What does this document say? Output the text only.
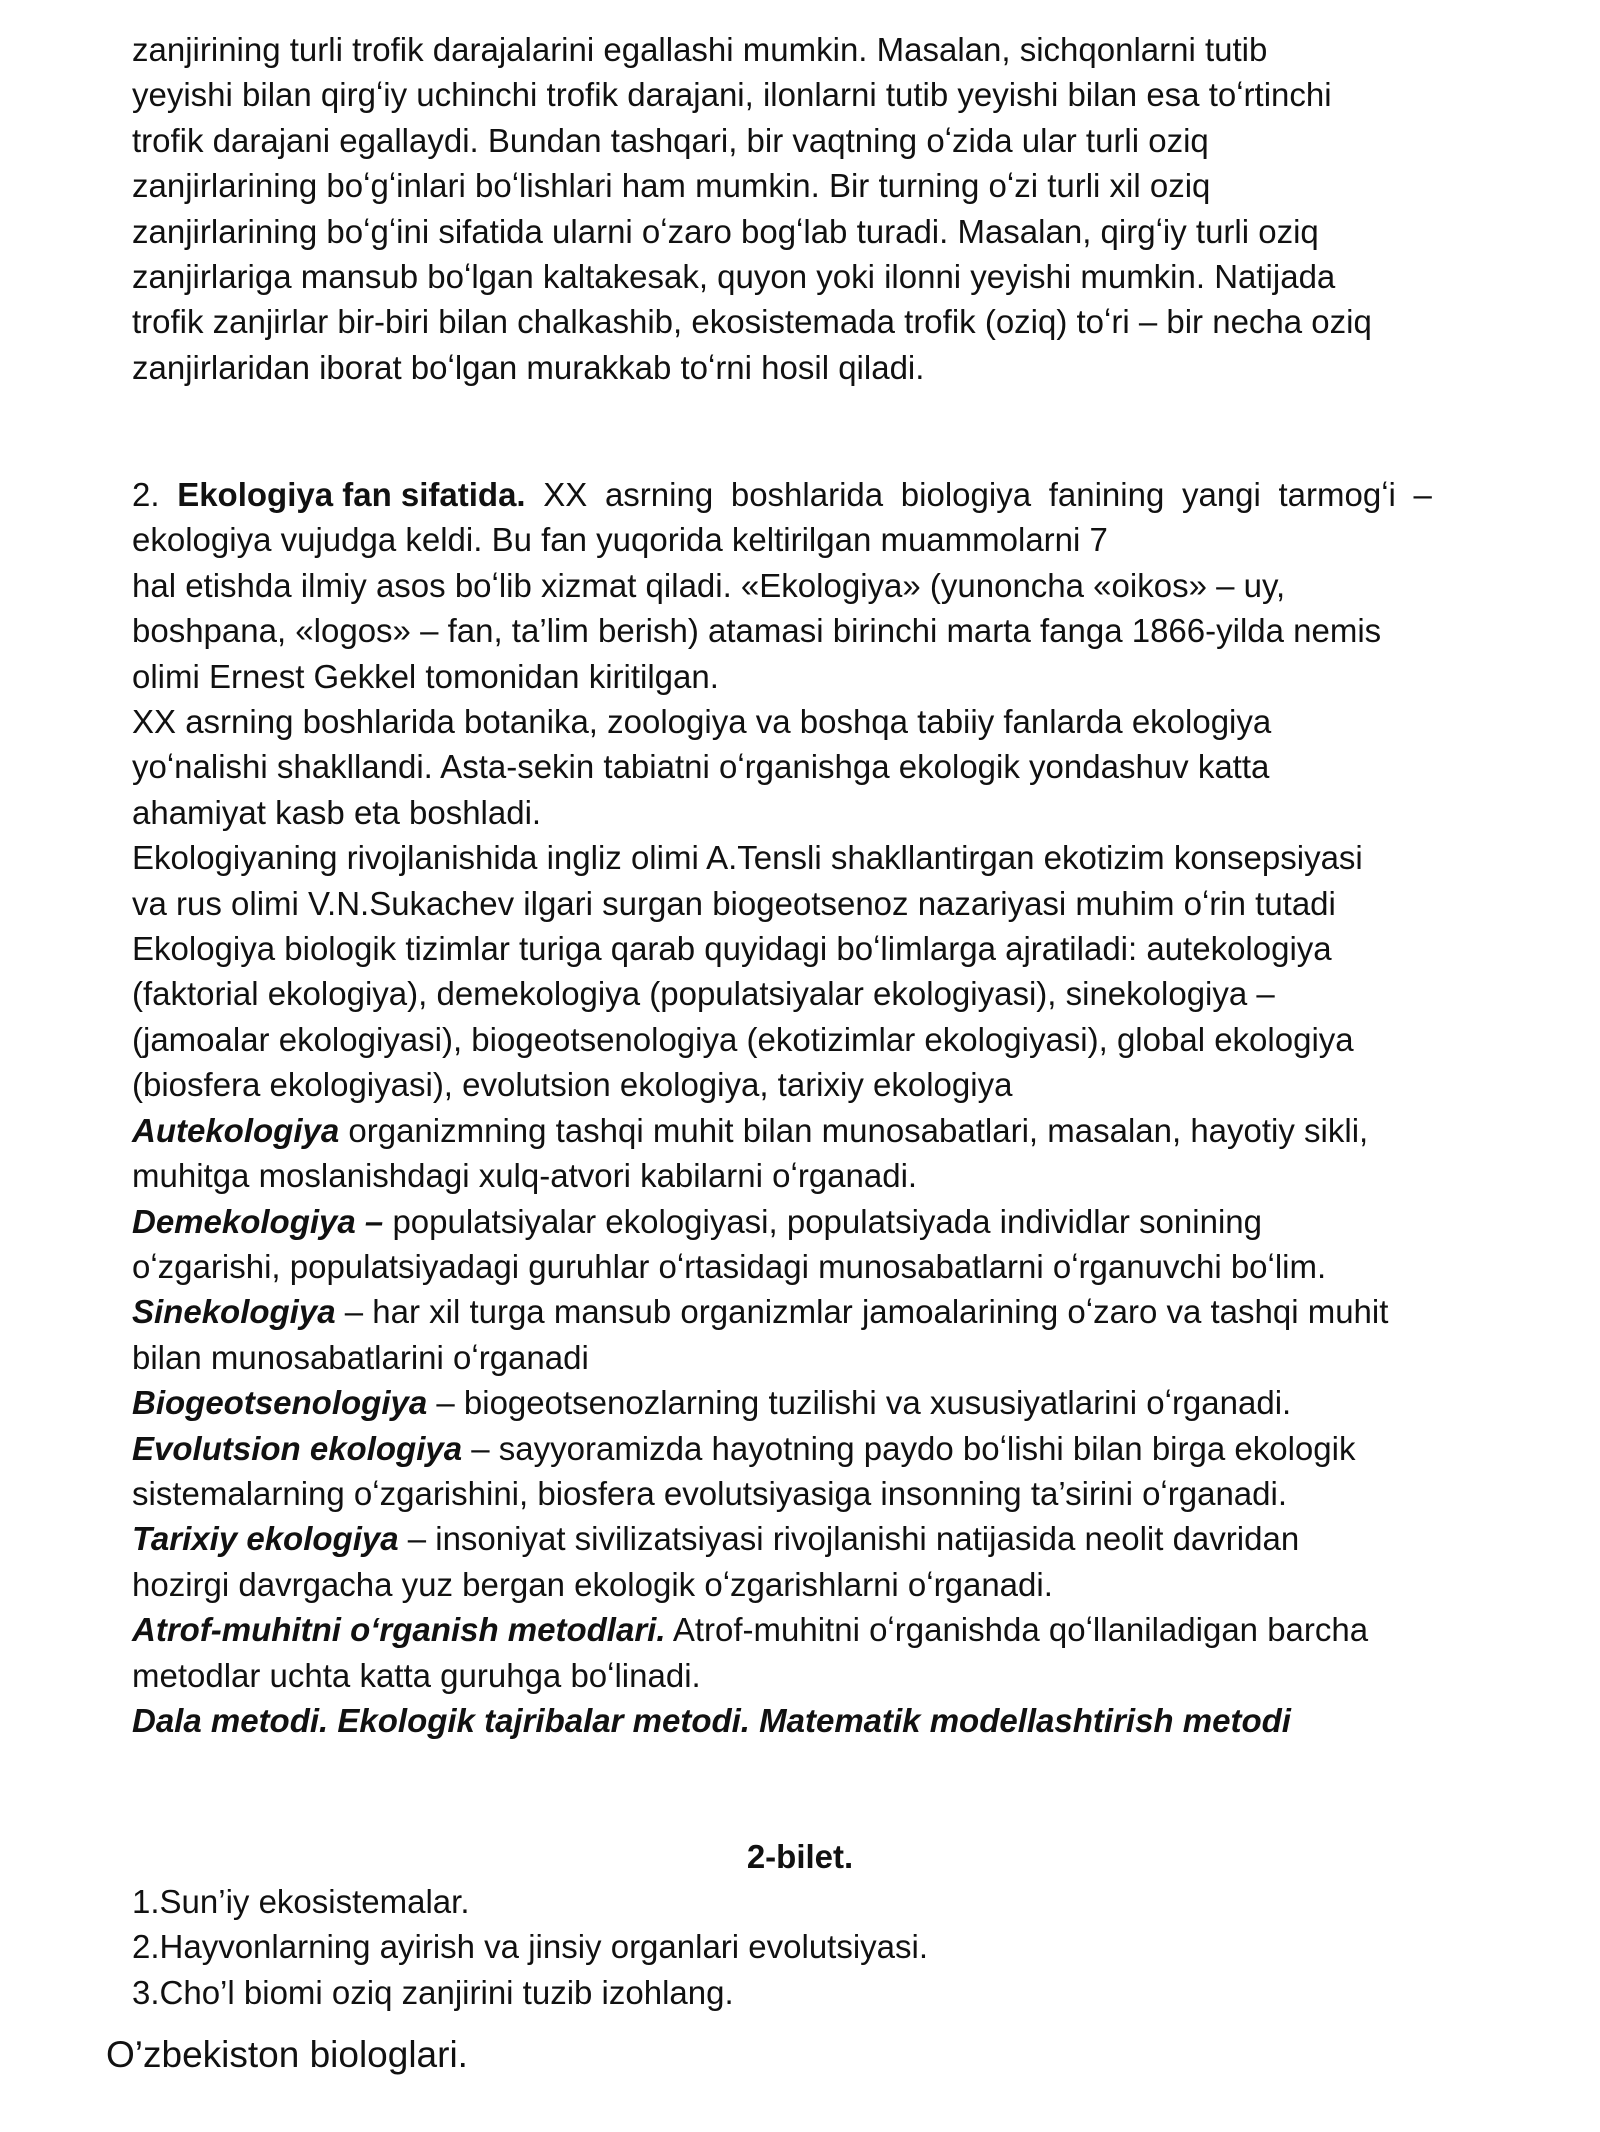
zanjirining turli trofik darajalarini egallashi mumkin. Masalan, sichqonlarni tutib
yeyishi bilan qirgʻiy uchinchi trofik darajani, ilonlarni tutib yeyishi bilan esa toʻrtinchi
trofik darajani egallaydi. Bundan tashqari, bir vaqtning oʻzida ular turli oziq
zanjirlarining boʻgʻinlari boʻlishlari ham mumkin. Bir turning oʻzi turli xil oziq
zanjirlarining boʻgʻini sifatida ularni oʻzaro bogʻlab turadi. Masalan, qirgʻiy turli oziq
zanjirlariga mansub boʻlgan kaltakesak, quyon yoki ilonni yeyishi mumkin. Natijada
trofik zanjirlar bir-biri bilan chalkashib, ekosistemada trofik (oziq) toʻri – bir necha oziq
zanjirlaridan iborat boʻlgan murakkab toʻrni hosil qiladi.
2. Ekologiya fan sifatida. XX asrning boshlarida biologiya fanining yangi tarmogʻi –
ekologiya vujudga keldi. Bu fan yuqorida keltirilgan muammolarni 7
hal etishda ilmiy asos boʻlib xizmat qiladi. «Ekologiya» (yunoncha «oikos» – uy,
boshpana, «logos» – fan, ta’lim berish) atamasi birinchi marta fanga 1866-yilda nemis
olimi Ernest Gekkel tomonidan kiritilgan.
XX asrning boshlarida botanika, zoologiya va boshqa tabiiy fanlarda ekologiya
yoʻnalishi shakllandi. Asta-sekin tabiatni oʻrganishga ekologik yondashuv katta
ahamiyat kasb eta boshladi.
Ekologiyaning rivojlanishida ingliz olimi A.Tensli shakllantirgan ekotizim konsepsiyasi
va rus olimi V.N.Sukachev ilgari surgan biogeotsenoz nazariyasi muhim oʻrin tutadi
Ekologiya biologik tizimlar turiga qarab quyidagi boʻlimlarga ajratiladi: autekologiya
(faktorial ekologiya), demekologiya (populatsiyalar ekologiyasi), sinekologiya –
(jamoalar ekologiyasi), biogeotsenologiya (ekotizimlar ekologiyasi), global ekologiya
(biosfera ekologiyasi), evolutsion ekologiya, tarixiy ekologiya
Autekologiya organizmning tashqi muhit bilan munosabatlari, masalan, hayotiy sikli,
muhitga moslanishdagi xulq-atvori kabilarni oʻrganadi.
Demekologiya – populatsiyalar ekologiyasi, populatsiyada individlar sonining
oʻzgarishi, populatsiyadagi guruhlar oʻrtasidagi munosabatlarni oʻrganuvchi boʻlim.
Sinekologiya – har xil turga mansub organizmlar jamoalarining oʻzaro va tashqi muhit
bilan munosabatlarini oʻrganadi
Biogeotsenologiya – biogeotsenozlarning tuzilishi va xususiyatlarini oʻrganadi.
Evolutsion ekologiya – sayyoramizda hayotning paydo boʻlishi bilan birga ekologik
sistemalarning oʻzgarishini, biosfera evolutsiyasiga insonning ta’sirini oʻrganadi.
Tarixiy ekologiya – insoniyat sivilizatsiyasi rivojlanishi natijasida neolit davridan
hozirgi davrgacha yuz bergan ekologik oʻzgarishlarni oʻrganadi.
Atrof-muhitni oʻrganish metodlari. Atrof-muhitni oʻrganishda qoʻllaniladigan barcha
metodlar uchta katta guruhga boʻlinadi.
Dala metodi. Ekologik tajribalar metodi. Matematik modellashtirish metodi
2-bilet.
1.Sun’iy ekosistemalar.
2.Hayvonlarning ayirish va jinsiy organlari evolutsiyasi.
3.Cho’l biomi oziq zanjirini tuzib izohlang.
O’zbekiston biologlari.
